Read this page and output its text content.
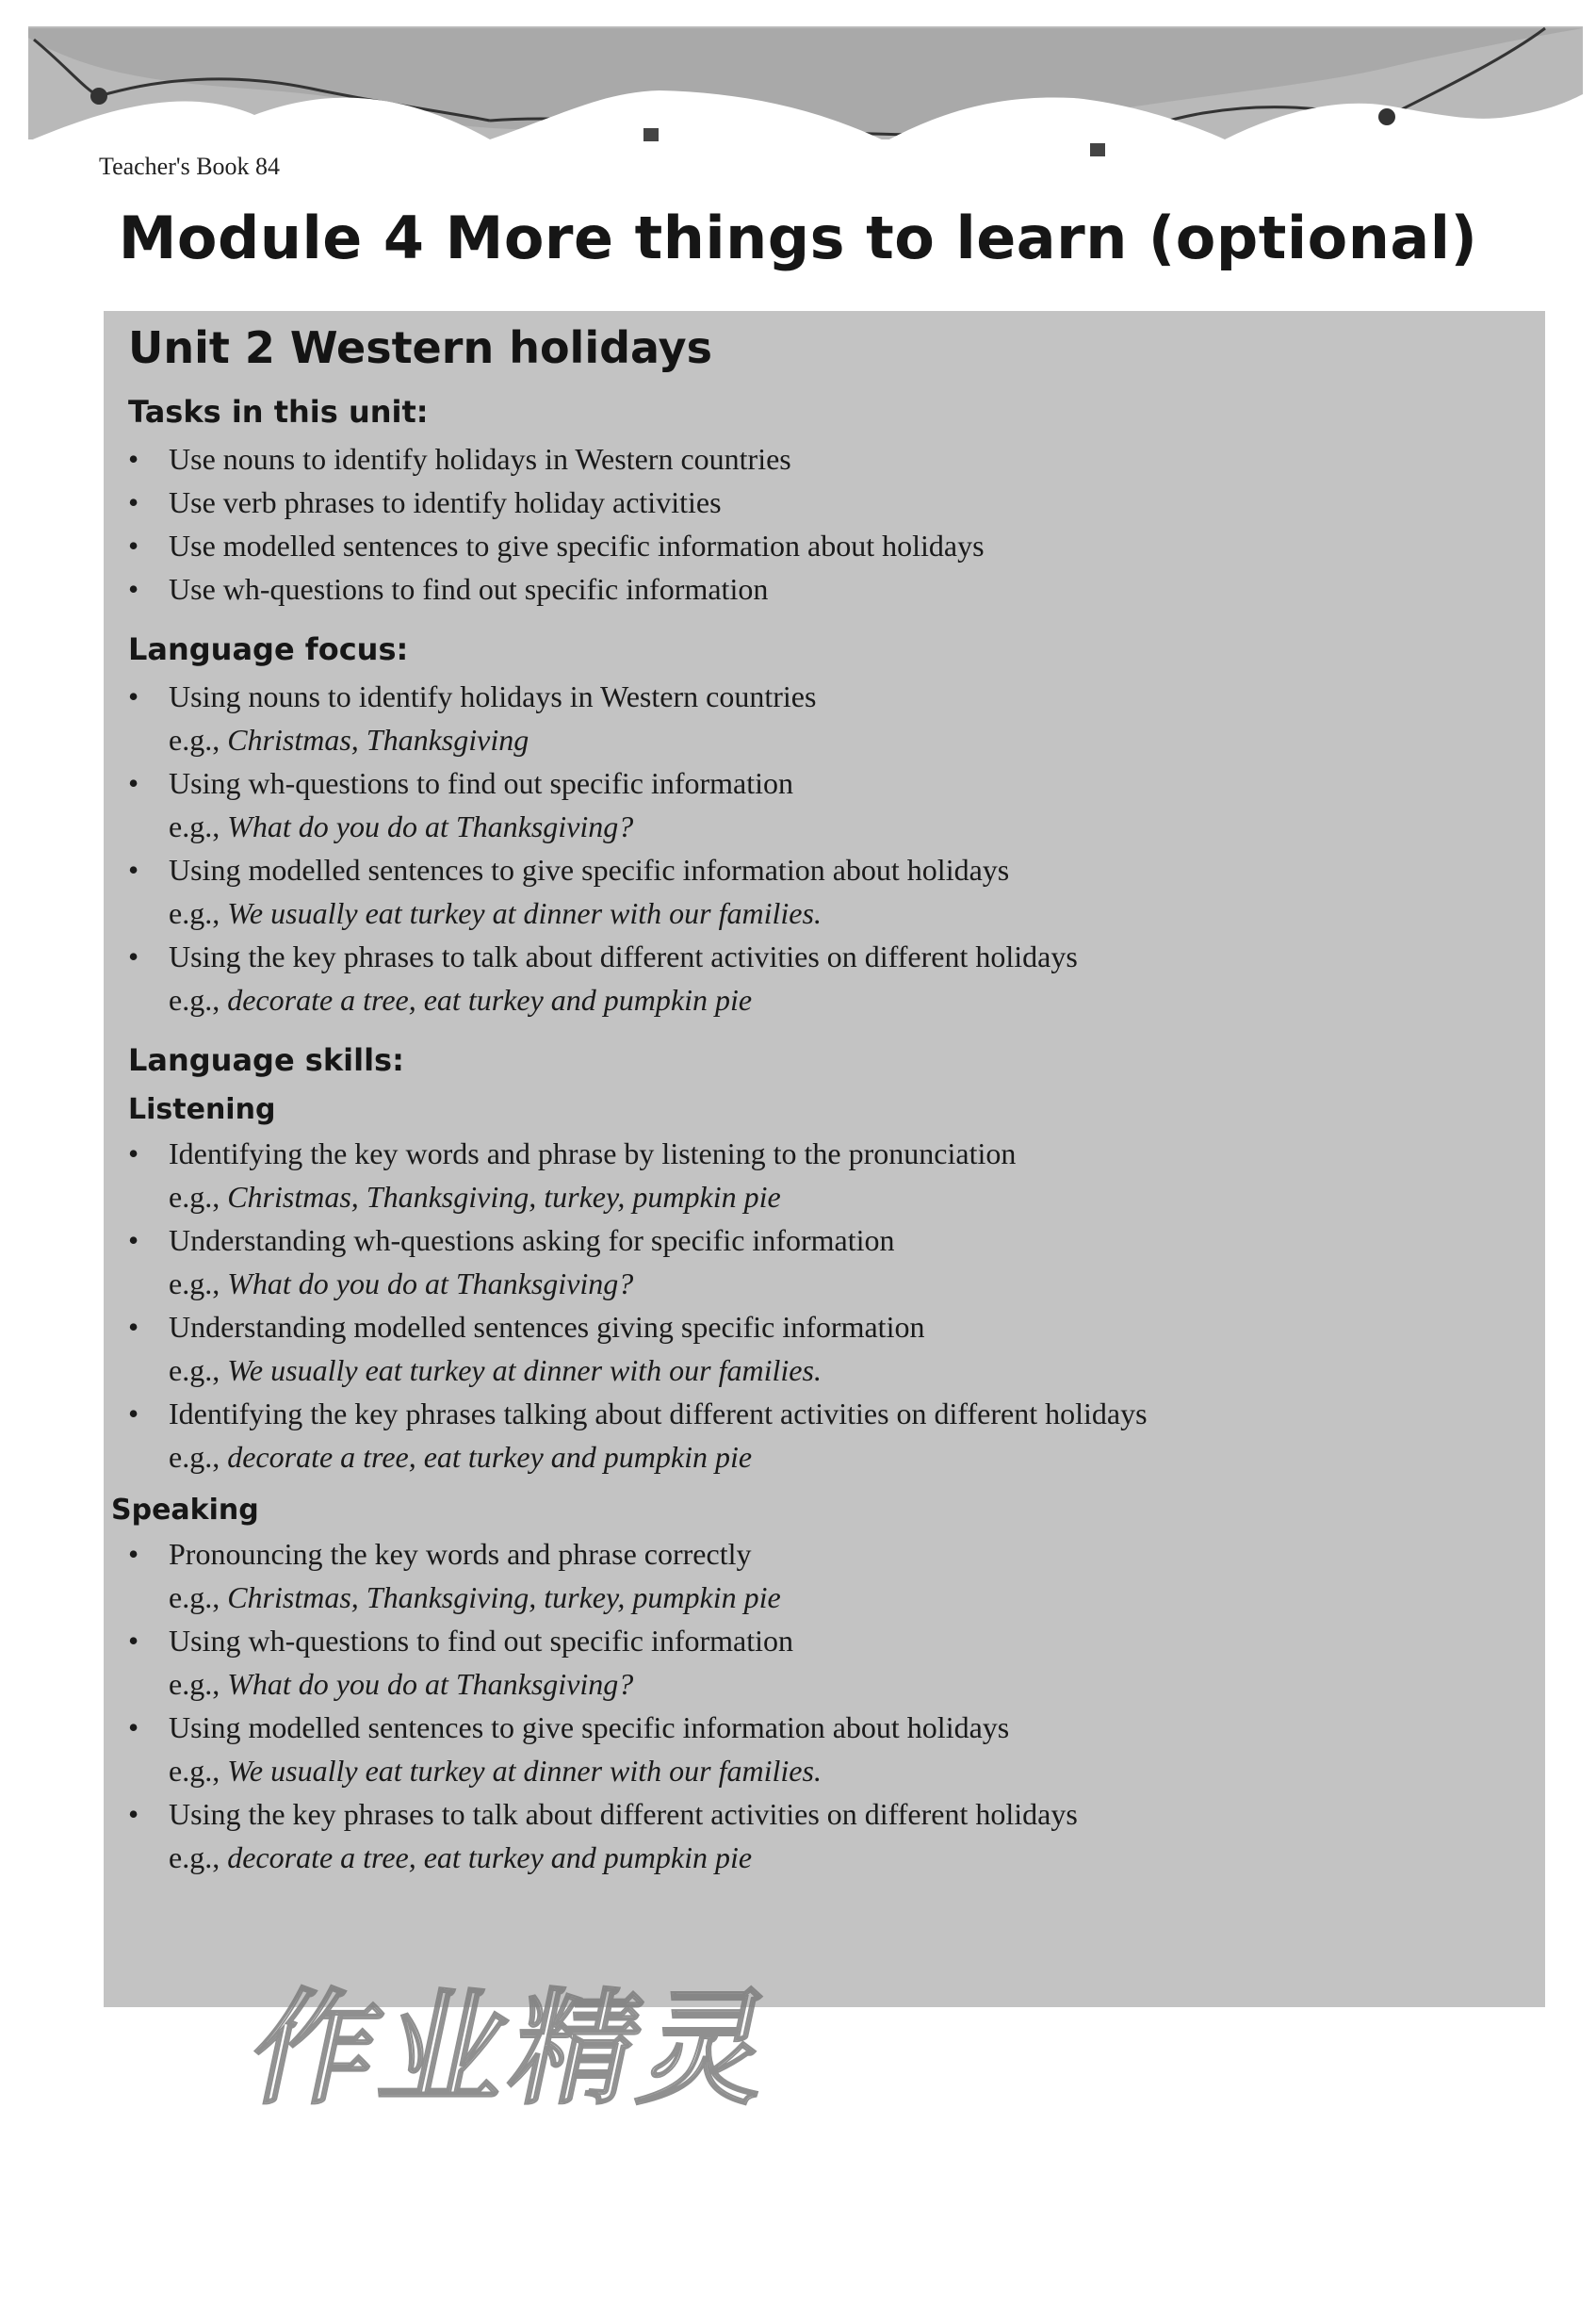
Teacher's Book 84
Module 4 More things to learn (optional)
Unit 2 Western holidays
Tasks in this unit:
• Use nouns to identify holidays in Western countries
• Use verb phrases to identify holiday activities
• Use modelled sentences to give specific information about holidays
• Use wh-questions to find out specific information
Language focus:
• Using nouns to identify holidays in Western countries
e.g., Christmas, Thanksgiving
• Using wh-questions to find out specific information
e.g., What do you do at Thanksgiving?
• Using modelled sentences to give specific information about holidays
e.g., We usually eat turkey at dinner with our families.
• Using the key phrases to talk about different activities on different holidays
e.g., decorate a tree, eat turkey and pumpkin pie
Language skills:
Listening
• Identifying the key words and phrase by listening to the pronunciation
e.g., Christmas, Thanksgiving, turkey, pumpkin pie
• Understanding wh-questions asking for specific information
e.g., What do you do at Thanksgiving?
• Understanding modelled sentences giving specific information
e.g., We usually eat turkey at dinner with our families.
• Identifying the key phrases talking about different activities on different holidays
e.g., decorate a tree, eat turkey and pumpkin pie
Speaking
• Pronouncing the key words and phrase correctly
e.g., Christmas, Thanksgiving, turkey, pumpkin pie
• Using wh-questions to find out specific information
e.g., What do you do at Thanksgiving?
• Using modelled sentences to give specific information about holidays
e.g., We usually eat turkey at dinner with our families.
• Using the key phrases to talk about different activities on different holidays
e.g., decorate a tree, eat turkey and pumpkin pie
作业精灵
